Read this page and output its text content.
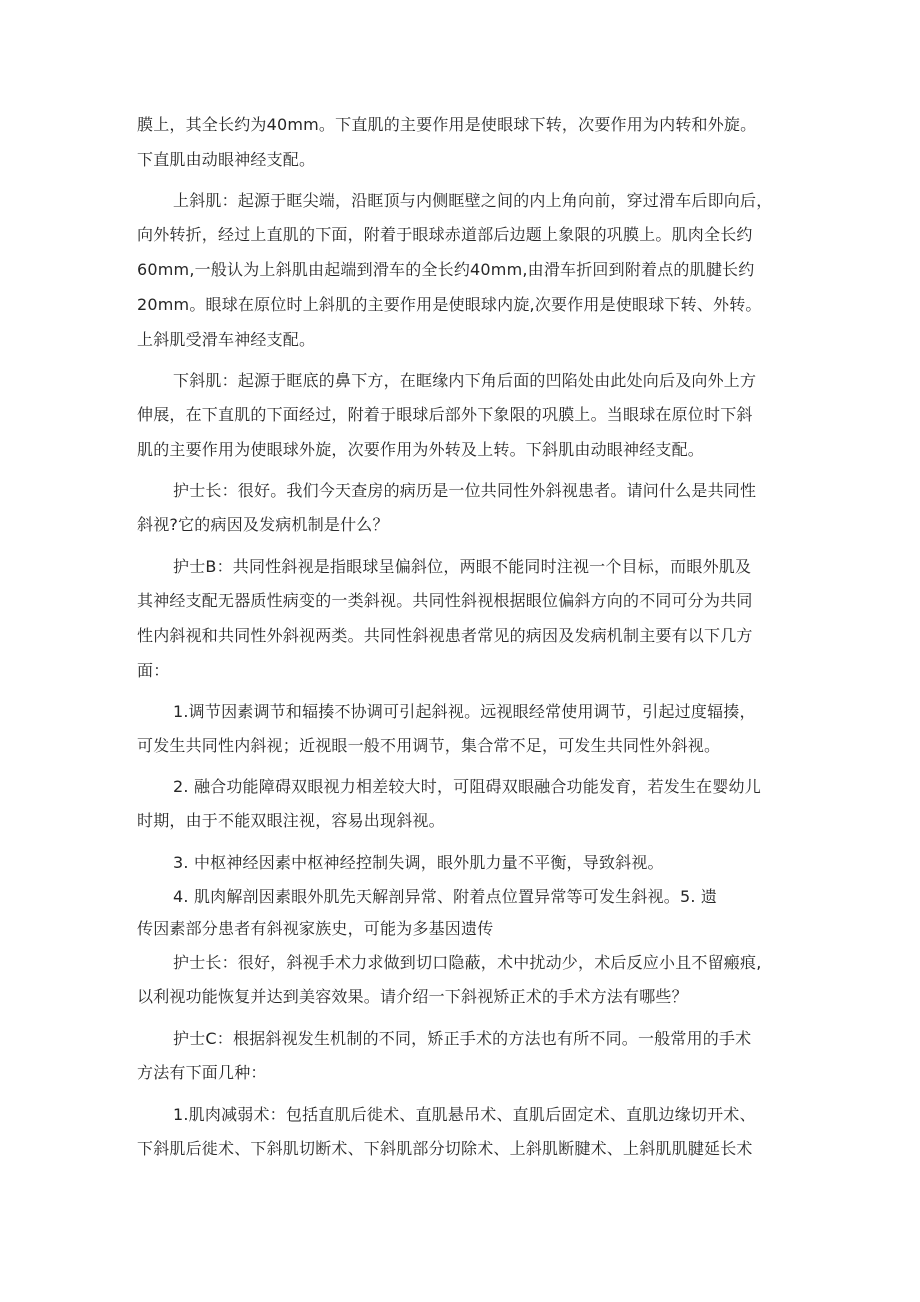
膜上，其全长约为40mm。下直肌的主要作用是使眼球下转，次要作用为内转和外旋。
下直肌由动眼神经支配。
上斜肌：起源于眶尖端，沿眶顶与内侧眶壁之间的内上角向前，穿过滑车后即向后，
向外转折，经过上直肌的下面，附着于眼球赤道部后边题上象限的巩膜上。肌肉全长约
60mm,一般认为上斜肌由起端到滑车的全长约40mm,由滑车折回到附着点的肌腱长约
20mm。眼球在原位时上斜肌的主要作用是使眼球内旋,次要作用是使眼球下转、外转。
上斜肌受滑车神经支配。
下斜肌：起源于眶底的鼻下方，在眶缘内下角后面的凹陷处由此处向后及向外上方
伸展，在下直肌的下面经过，附着于眼球后部外下象限的巩膜上。当眼球在原位时下斜
肌的主要作用为使眼球外旋，次要作用为外转及上转。下斜肌由动眼神经支配。
护士长：很好。我们今天查房的病历是一位共同性外斜视患者。请问什么是共同性
斜视?它的病因及发病机制是什么？
护士B：共同性斜视是指眼球呈偏斜位，两眼不能同时注视一个目标，而眼外肌及
其神经支配无器质性病变的一类斜视。共同性斜视根据眼位偏斜方向的不同可分为共同
性内斜视和共同性外斜视两类。共同性斜视患者常见的病因及发病机制主要有以下几方
面：
1.调节因素调节和辐揍不协调可引起斜视。远视眼经常使用调节，引起过度辐揍，
可发生共同性内斜视；近视眼一般不用调节，集合常不足，可发生共同性外斜视。
2. 融合功能障碍双眼视力相差较大时，可阻碍双眼融合功能发育，若发生在婴幼儿
时期，由于不能双眼注视，容易出现斜视。
3. 中枢神经因素中枢神经控制失调，眼外肌力量不平衡，导致斜视。
4. 肌肉解剖因素眼外肌先天解剖异常、附着点位置异常等可发生斜视。5. 遗
传因素部分患者有斜视家族史，可能为多基因遗传
护士长：很好，斜视手术力求做到切口隐蔽，术中扰动少，术后反应小且不留瘢痕,
以利视功能恢复并达到美容效果。请介绍一下斜视矫正术的手术方法有哪些？
护士C：根据斜视发生机制的不同，矫正手术的方法也有所不同。一般常用的手术
方法有下面几种：
1.肌肉减弱术：包括直肌后徙术、直肌悬吊术、直肌后固定术、直肌边缘切开术、
下斜肌后徙术、下斜肌切断术、下斜肌部分切除术、上斜肌断腱术、上斜肌肌腱延长术
